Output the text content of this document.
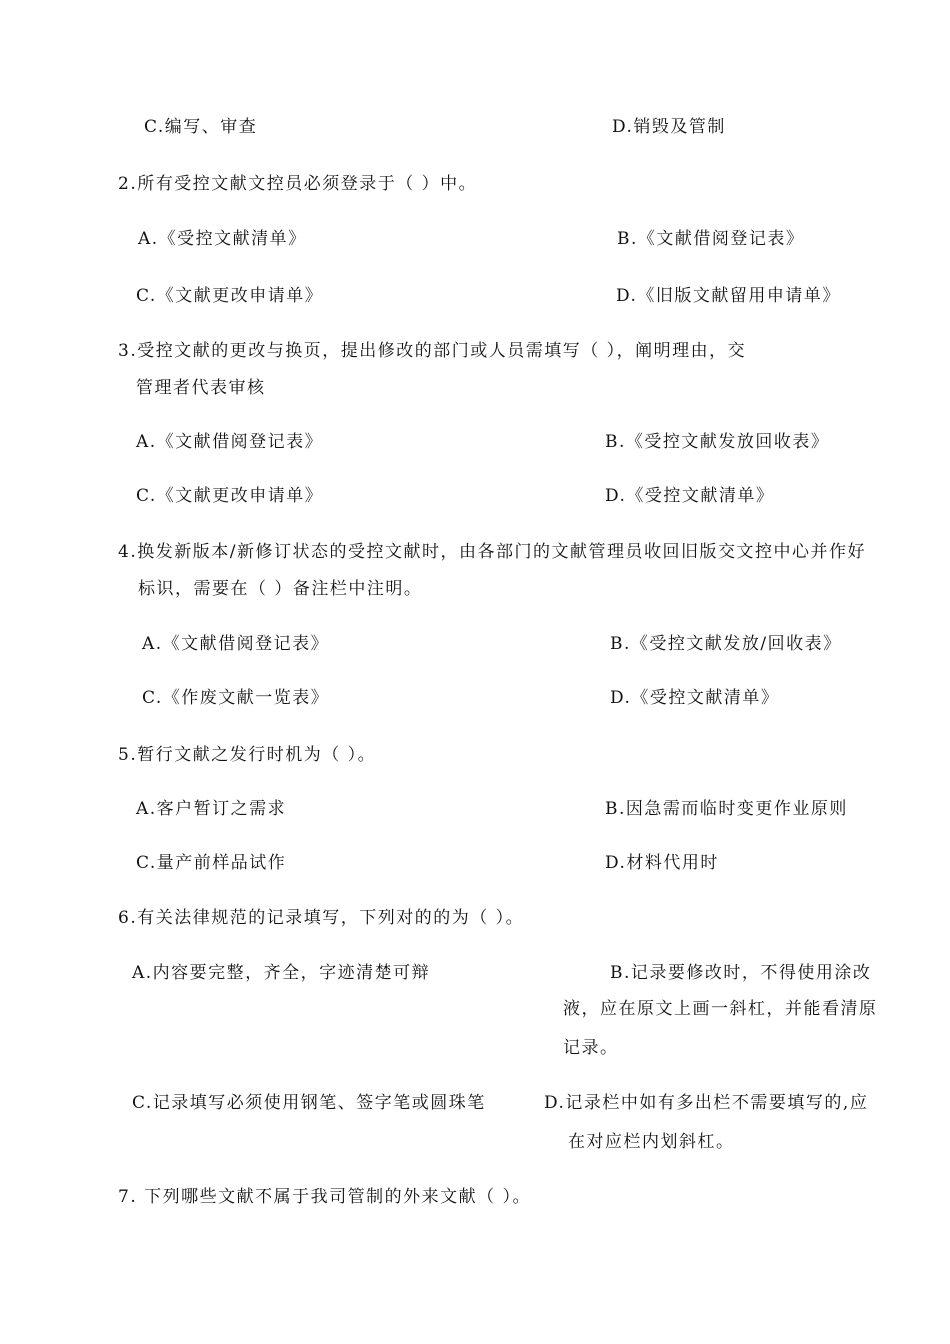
C.编写、审查	D.销毁及管制
2.所有受控文献文控员必须登录于（ ）中。
A.《受控文献清单》	B.《文献借阅登记表》
C.《文献更改申请单》	D.《旧版文献留用申请单》
3.受控文献的更改与换页，提出修改的部门或人员需填写（ ），阐明理由，交
管理者代表审核
A.《文献借阅登记表》	B.《受控文献发放回收表》
C.《文献更改申请单》	D.《受控文献清单》
4.换发新版本/新修订状态的受控文献时，由各部门的文献管理员收回旧版交文控中心并作好
标识，需要在（ ）备注栏中注明。
A.《文献借阅登记表》	B.《受控文献发放/回收表》
C.《作废文献一览表》	D.《受控文献清单》
5.暂行文献之发行时机为（ ）。
A.客户暂订之需求	B.因急需而临时变更作业原则
C.量产前样品试作	D.材料代用时
6.有关法律规范的记录填写，下列对的的为（ ）。
A.内容要完整，齐全，字迹清楚可辩	B.记录要修改时，不得使用涂改
液，应在原文上画一斜杠，并能看清原
记录。
C.记录填写必须使用钢笔、签字笔或圆珠笔	D.记录栏中如有多出栏不需要填写的,应
在对应栏内划斜杠。
7. 下列哪些文献不属于我司管制的外来文献（ ）。
